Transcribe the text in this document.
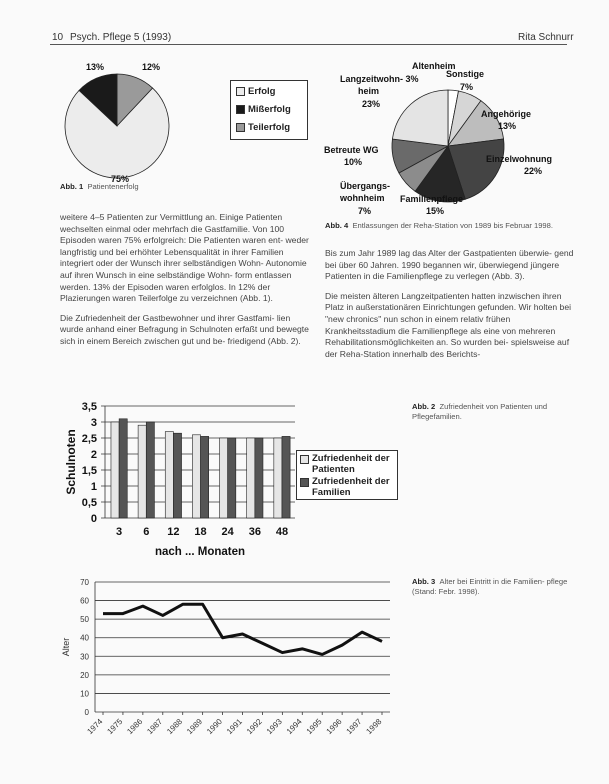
10 Psych. Pflege 5 (1993)	Rita Schnurr
13%	12%
75%
Erfolg
Mißerfolg
Teilerfolg
Abb. 1 Patientenerfolg
Altenheim
Langzeitwohn- 3%
heim
23%
Sonstige
7%
Angehörige
13%
Betreute WG
10%	Einzelwohnung
22%
Übergangs-
wohnheim
7%
Familienpflege
15%
Abb. 4 Entlassungen der Reha-Station von 1989 bis Februar 1998.

weitere 4–5 Patienten zur Vermittlung an. Einige Patienten wechselten einmal oder mehrfach die Gastfamilie. Von 100 Episoden waren 75% erfolgreich: Die Patienten waren ent- weder langfristig und bei erhöhter Lebensqualität in ihrer Familien integriert oder der Wunsch ihrer selbständigen Wohn- Autonomie auf ihren Wunsch in eine selbständige Wohn- form entlassen werden. 13% der Episoden waren erfolglos. In 12% der Plazierungen waren Teilerfolge zu verzeichnen (Abb. 1).

Die Zufriedenheit der Gastbewohner und ihrer Gastfami- lien wurde anhand einer Befragung in Schulnoten erfaßt und bewegte sich in einem Bereich zwischen gut und be- friedigend (Abb. 2).

Bis zum Jahr 1989 lag das Alter der Gastpatienten überwie- gend bei über 60 Jahren. 1990 begannen wir, überwiegend jüngere Patienten in die Familienpflege zu verlegen (Abb. 3).

Die meisten älteren Langzeitpatienten hatten inzwischen ihren Platz in außerstationären Einrichtungen gefunden. Wir holten bei "new chronics" nun schon in einem relativ frühen Krankheitsstadium die Familienpflege als eine von mehreren Rehabilitationsmöglichkeiten an. So wurden bei- spielsweise auf der Reha-Station innerhalb des Berichts-

0
0,5
1
1,5
2
2,5
3
3,5
3 6 12 18 24 36 48
Schulnoten
nach ... Monaten
Zufriedenheit der Patienten
Zufriedenheit der Familien
Abb. 2 Zufriedenheit von Patienten und Pflegefamilien.
0
10
20
30
40
50
60
70
1974 1975 1986 1987 1988 1989 1990 1991 1992 1993 1994 1995 1996 1997 1998
Alter
Abb. 3 Alter bei Eintritt in die Familien- pflege (Stand: Febr. 1998).
